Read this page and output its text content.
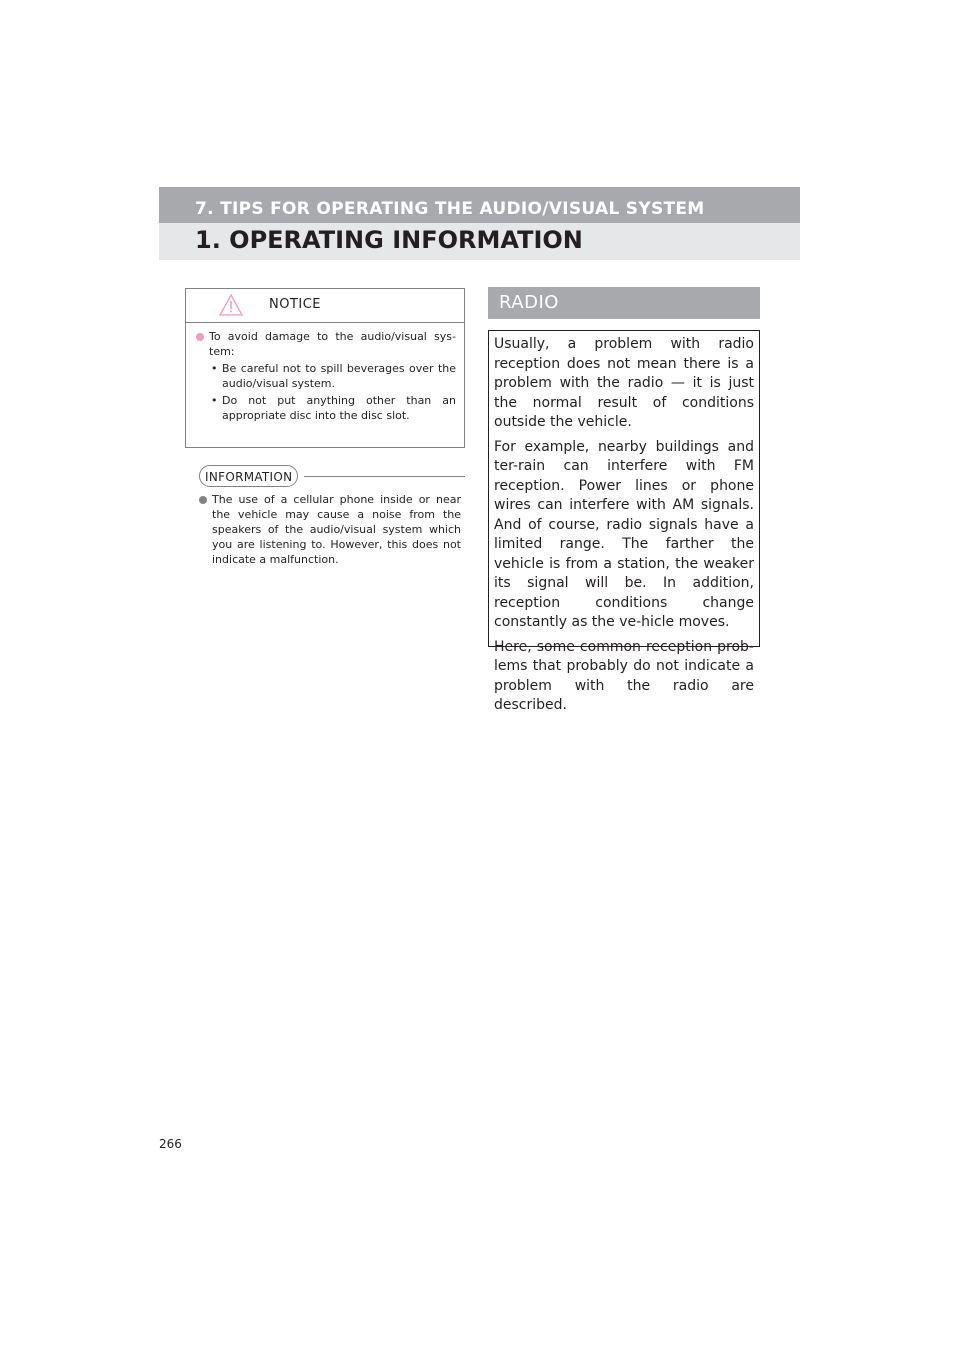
7. TIPS FOR OPERATING THE AUDIO/VISUAL SYSTEM
1. OPERATING INFORMATION
NOTICE
To avoid damage to the audio/visual sys-tem:
• Be careful not to spill beverages over the audio/visual system.
• Do not put anything other than an appropriate disc into the disc slot.
INFORMATION
The use of a cellular phone inside or near the vehicle may cause a noise from the speakers of the audio/visual system which you are listening to. However, this does not indicate a malfunction.
RADIO

Usually, a problem with radio reception does not mean there is a problem with the radio — it is just the normal result of conditions outside the vehicle.

For example, nearby buildings and ter-rain can interfere with FM reception. Power lines or phone wires can interfere with AM signals. And of course, radio signals have a limited range. The farther the vehicle is from a station, the weaker its signal will be. In addition, reception conditions change constantly as the ve-hicle moves.

Here, some common reception prob-lems that probably do not indicate a problem with the radio are described.

266
